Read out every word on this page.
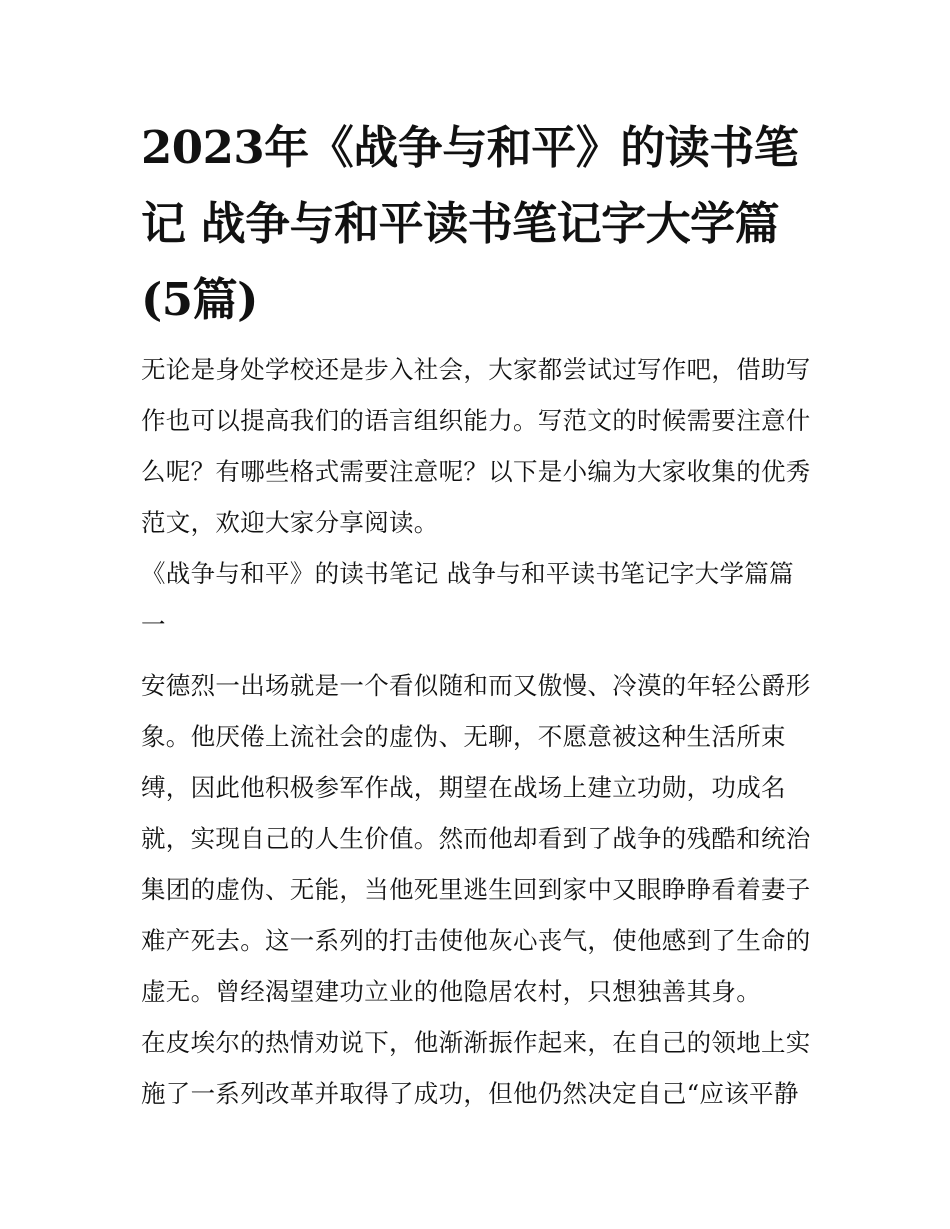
2023年《战争与和平》的读书笔记 战争与和平读书笔记字大学篇(5篇)

无论是身处学校还是步入社会，大家都尝试过写作吧，借助写作也可以提高我们的语言组织能力。写范文的时候需要注意什么呢？有哪些格式需要注意呢？以下是小编为大家收集的优秀范文，欢迎大家分享阅读。

《战争与和平》的读书笔记 战争与和平读书笔记字大学篇篇一

安德烈一出场就是一个看似随和而又傲慢、冷漠的年轻公爵形象。他厌倦上流社会的虚伪、无聊，不愿意被这种生活所束缚，因此他积极参军作战，期望在战场上建立功勋，功成名就，实现自己的人生价值。然而他却看到了战争的残酷和统治集团的虚伪、无能，当他死里逃生回到家中又眼睁睁看着妻子难产死去。这一系列的打击使他灰心丧气，使他感到了生命的虚无。曾经渴望建功立业的他隐居农村，只想独善其身。

在皮埃尔的热情劝说下，他渐渐振作起来，在自己的领地上实施了一系列改革并取得了成功，但他仍然决定自己“应该平静
